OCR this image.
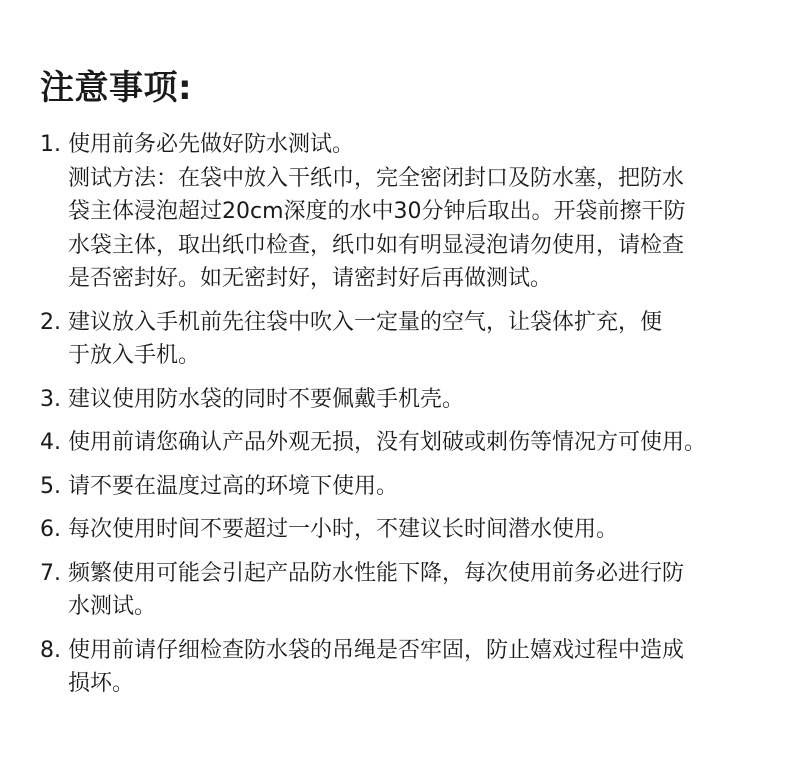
注意事项:
1. 使用前务必先做好防水测试。
测试方法：在袋中放入干纸巾，完全密闭封口及防水塞，把防水
袋主体浸泡超过20cm深度的水中30分钟后取出。开袋前擦干防
水袋主体，取出纸巾检查，纸巾如有明显浸泡请勿使用，请检查
是否密封好。如无密封好，请密封好后再做测试。
2. 建议放入手机前先往袋中吹入一定量的空气，让袋体扩充，便
于放入手机。
3. 建议使用防水袋的同时不要佩戴手机壳。
4. 使用前请您确认产品外观无损，没有划破或刺伤等情况方可使用。
5. 请不要在温度过高的环境下使用。
6. 每次使用时间不要超过一小时，不建议长时间潜水使用。
7. 频繁使用可能会引起产品防水性能下降，每次使用前务必进行防
水测试。
8. 使用前请仔细检查防水袋的吊绳是否牢固，防止嬉戏过程中造成
损坏。
